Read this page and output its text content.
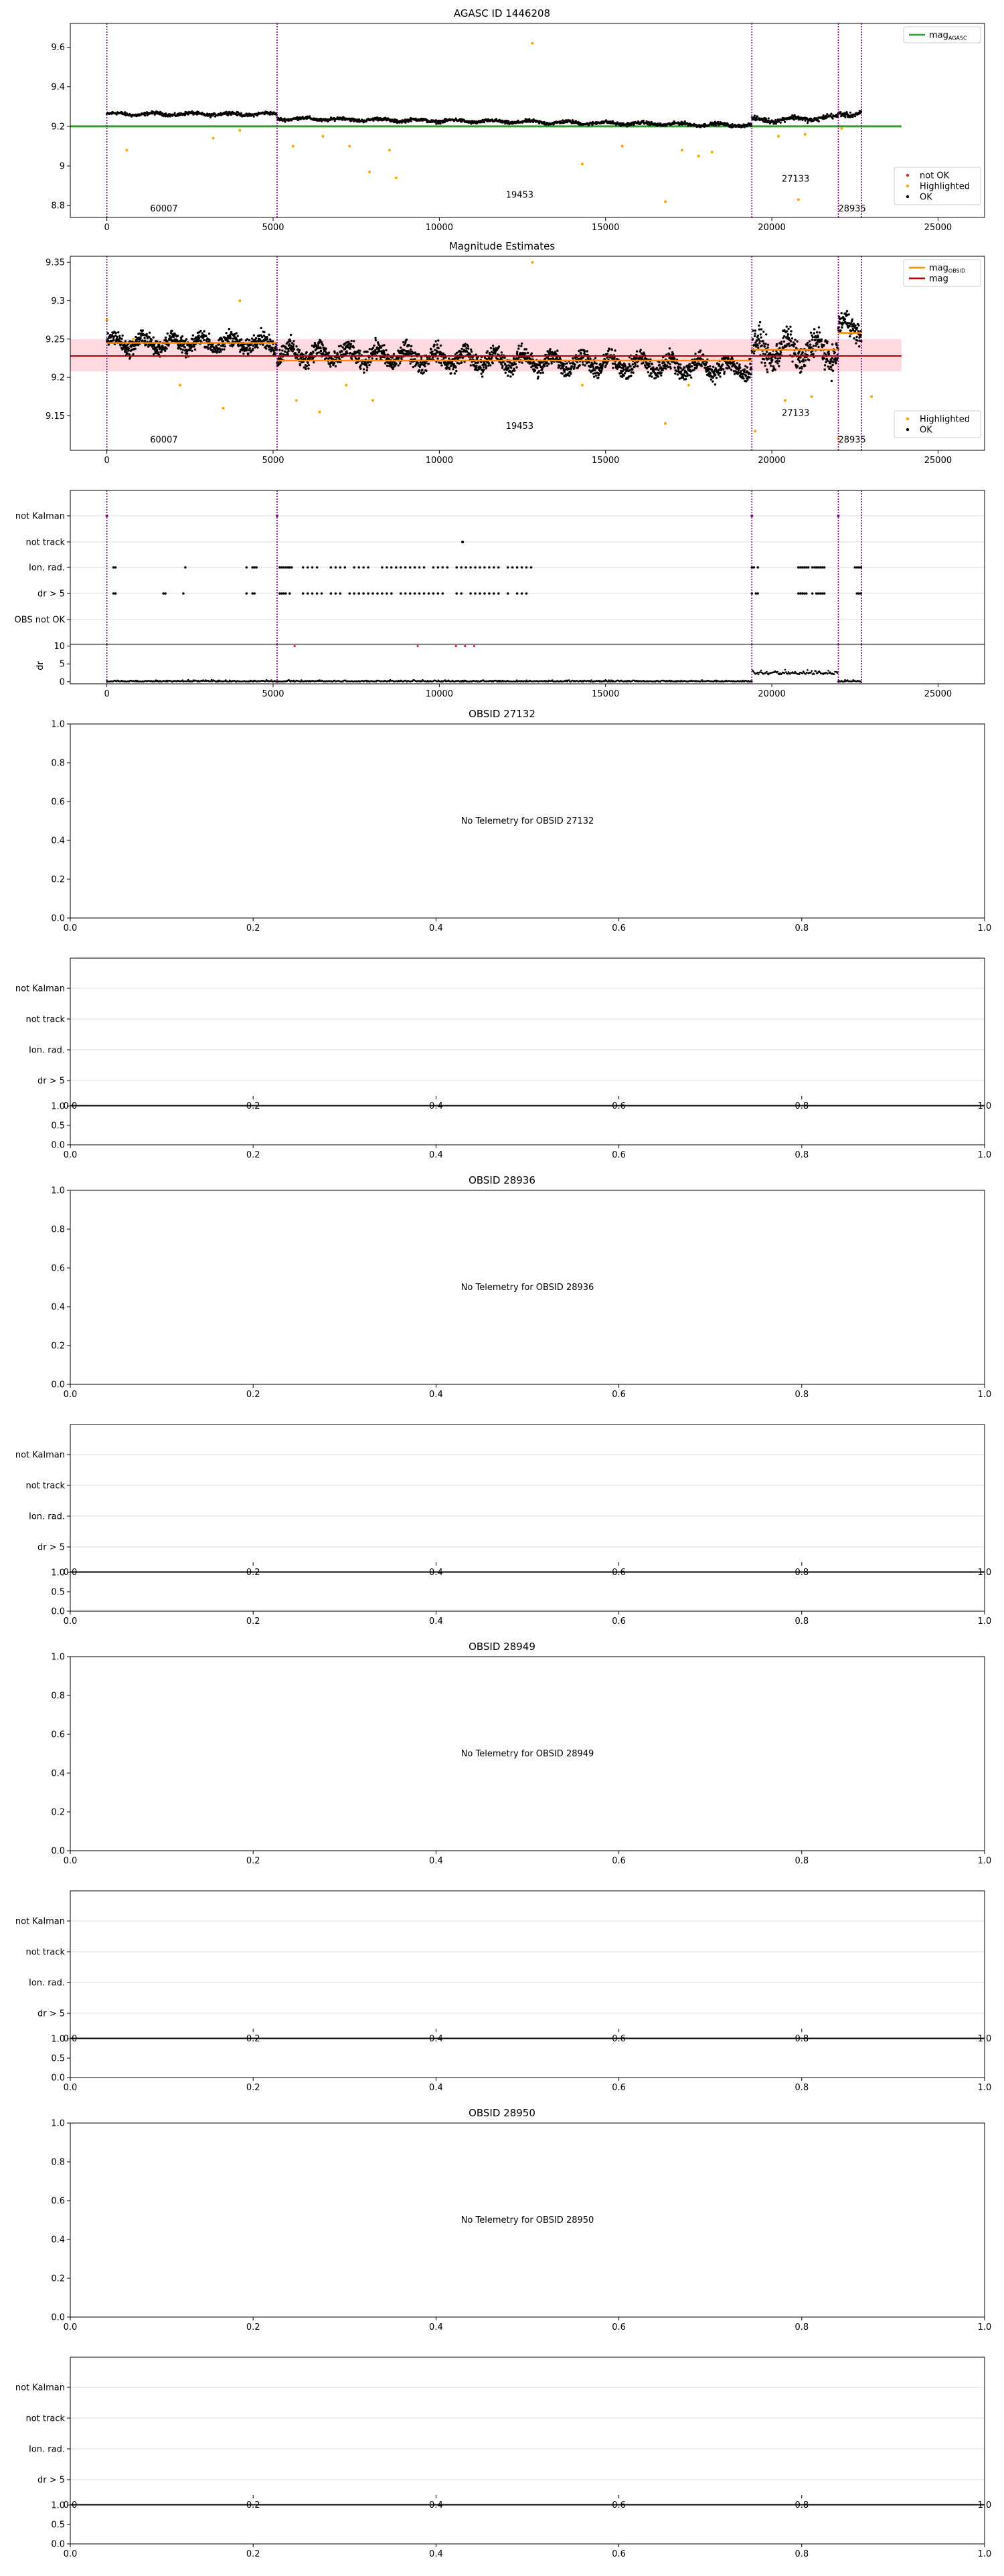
AGASC ID 1446208
60007
19453
27133
28935
0	5000	10000	15000	20000	25000
8.8
9
9.2
9.4
9.6
mag$_{AGASC}$
not OK
Highlighted
OK
Magnitude Estimates
60007
19453
27133
28935
0	5000	10000	15000	20000	25000
9.15
9.2
9.25
9.3
9.35
mag$_{OBSID}$
mag
Highlighted
OK
not Kalman
not track
Ion. rad.
dr > 5
OBS not OK
0
5
10
dr
0	5000	10000	15000	20000	25000
OBSID 27132
No Telemetry for OBSID 27132
0.0	0.2	0.4	0.6	0.8	1.0
0.0
0.2
0.4
0.6
0.8
1.0
not Kalman
not track
Ion. rad.
dr > 5
0.0	0.2	0.4	0.6	0.8	1.0
0.0
0.5
1.0
0.0	0.2	0.4	0.6	0.8	1.0
OBSID 28936
No Telemetry for OBSID 28936
0.0	0.2	0.4	0.6	0.8	1.0
0.0
0.2
0.4
0.6
0.8
1.0
not Kalman
not track
Ion. rad.
dr > 5
0.0	0.2	0.4	0.6	0.8	1.0
0.0
0.5
1.0
0.0	0.2	0.4	0.6	0.8	1.0
OBSID 28949
No Telemetry for OBSID 28949
0.0	0.2	0.4	0.6	0.8	1.0
0.0
0.2
0.4
0.6
0.8
1.0
not Kalman
not track
Ion. rad.
dr > 5
0.0	0.2	0.4	0.6	0.8	1.0
0.0
0.5
1.0
0.0	0.2	0.4	0.6	0.8	1.0
OBSID 28950
No Telemetry for OBSID 28950
0.0	0.2	0.4	0.6	0.8	1.0
0.0
0.2
0.4
0.6
0.8
1.0
not Kalman
not track
Ion. rad.
dr > 5
0.0	0.2	0.4	0.6	0.8	1.0
0.0
0.5
1.0
0.0	0.2	0.4	0.6	0.8	1.0
